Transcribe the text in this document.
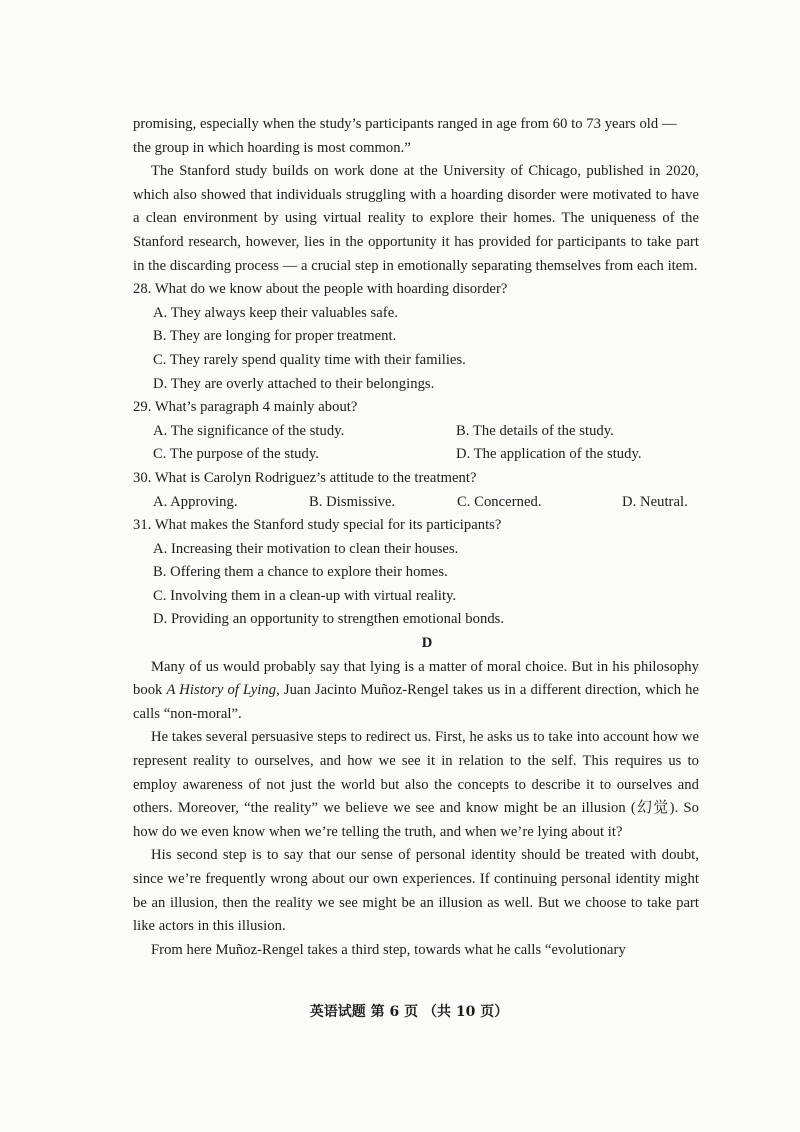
promising, especially when the study’s participants ranged in age from 60 to 73 years old —

the group in which hoarding is most common.”

The Stanford study builds on work done at the University of Chicago, published in 2020, which also showed that individuals struggling with a hoarding disorder were motivated to have a clean environment by using virtual reality to explore their homes. The uniqueness of the Stanford research, however, lies in the opportunity it has provided for participants to take part in the discarding process — a crucial step in emotionally separating themselves from each item.

28. What do we know about the people with hoarding disorder?

A. They always keep their valuables safe.

B. They are longing for proper treatment.

C. They rarely spend quality time with their families.

D. They are overly attached to their belongings.

29. What’s paragraph 4 mainly about?

A. The significance of the study.	B. The details of the study.
C. The purpose of the study.	D. The application of the study.

30. What is Carolyn Rodriguez’s attitude to the treatment?

A. Approving.	B. Dismissive.	C. Concerned.	D. Neutral.

31. What makes the Stanford study special for its participants?

A. Increasing their motivation to clean their houses.

B. Offering them a chance to explore their homes.

C. Involving them in a clean-up with virtual reality.

D. Providing an opportunity to strengthen emotional bonds.

D

Many of us would probably say that lying is a matter of moral choice. But in his philosophy book A History of Lying, Juan Jacinto Muñoz-Rengel takes us in a different direction, which he calls “non-moral”.

He takes several persuasive steps to redirect us. First, he asks us to take into account how we represent reality to ourselves, and how we see it in relation to the self. This requires us to employ awareness of not just the world but also the concepts to describe it to ourselves and others. Moreover, “the reality” we believe we see and know might be an illusion (幻觉). So how do we even know when we’re telling the truth, and when we’re lying about it?

His second step is to say that our sense of personal identity should be treated with doubt, since we’re frequently wrong about our own experiences. If continuing personal identity might be an illusion, then the reality we see might be an illusion as well. But we choose to take part like actors in this illusion.

From here Muñoz-Rengel takes a third step, towards what he calls “evolutionary

英语试题 第 6 页 （共 10 页）
